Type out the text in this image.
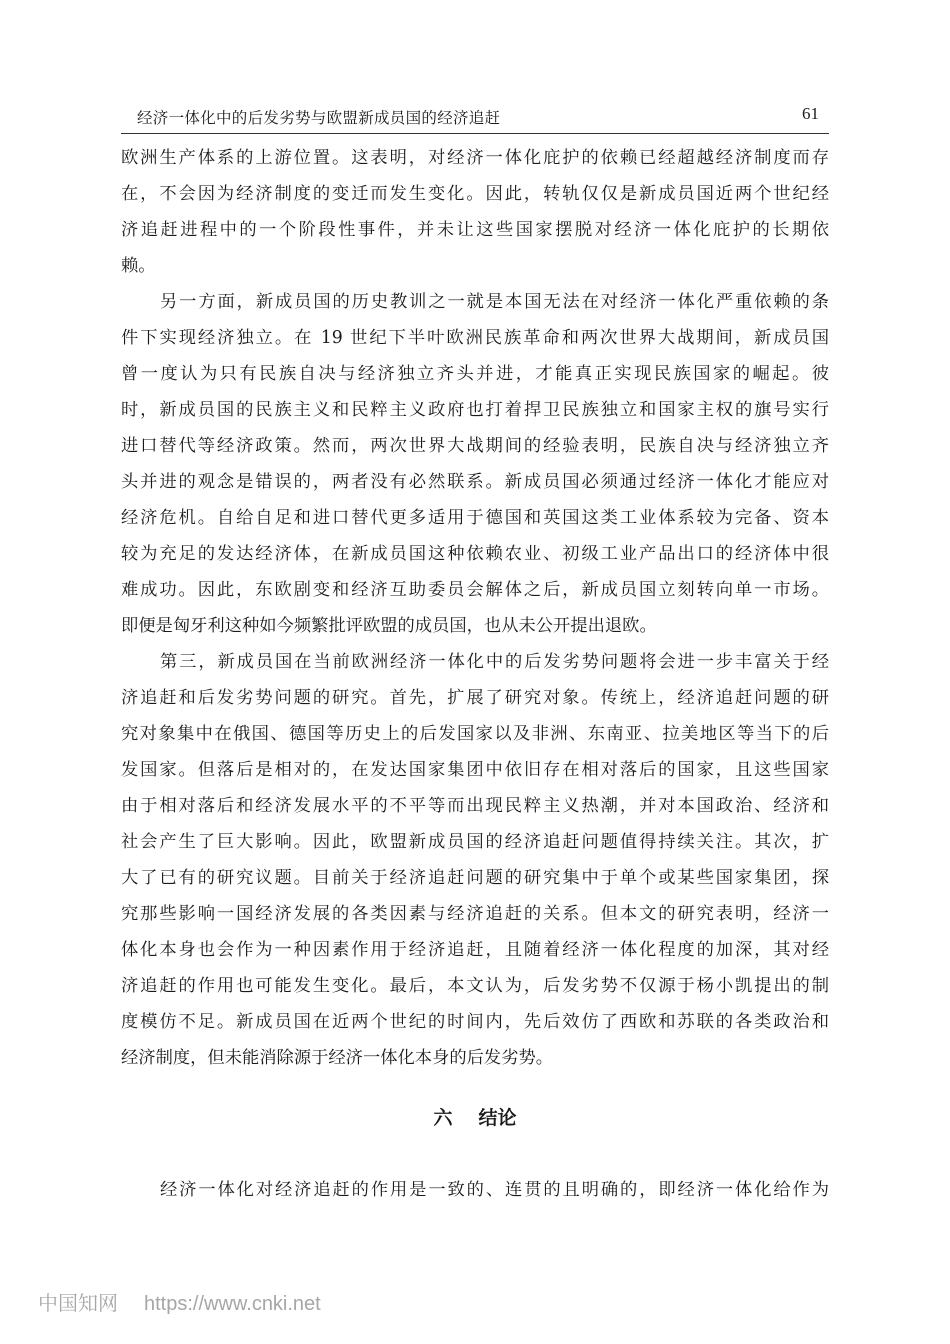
经济一体化中的后发劣势与欧盟新成员国的经济追赶	61
欧洲生产体系的上游位置。这表明，对经济一体化庇护的依赖已经超越经济制度而存
在，不会因为经济制度的变迁而发生变化。因此，转轨仅仅是新成员国近两个世纪经
济追赶进程中的一个阶段性事件，并未让这些国家摆脱对经济一体化庇护的长期依
赖。
另一方面，新成员国的历史教训之一就是本国无法在对经济一体化严重依赖的条
件下实现经济独立。在 19 世纪下半叶欧洲民族革命和两次世界大战期间，新成员国
曾一度认为只有民族自决与经济独立齐头并进，才能真正实现民族国家的崛起。彼
时，新成员国的民族主义和民粹主义政府也打着捍卫民族独立和国家主权的旗号实行
进口替代等经济政策。然而，两次世界大战期间的经验表明，民族自决与经济独立齐
头并进的观念是错误的，两者没有必然联系。新成员国必须通过经济一体化才能应对
经济危机。自给自足和进口替代更多适用于德国和英国这类工业体系较为完备、资本
较为充足的发达经济体，在新成员国这种依赖农业、初级工业产品出口的经济体中很
难成功。因此，东欧剧变和经济互助委员会解体之后，新成员国立刻转向单一市场。
即便是匈牙利这种如今频繁批评欧盟的成员国，也从未公开提出退欧。
第三，新成员国在当前欧洲经济一体化中的后发劣势问题将会进一步丰富关于经
济追赶和后发劣势问题的研究。首先，扩展了研究对象。传统上，经济追赶问题的研
究对象集中在俄国、德国等历史上的后发国家以及非洲、东南亚、拉美地区等当下的后
发国家。但落后是相对的，在发达国家集团中依旧存在相对落后的国家，且这些国家
由于相对落后和经济发展水平的不平等而出现民粹主义热潮，并对本国政治、经济和
社会产生了巨大影响。因此，欧盟新成员国的经济追赶问题值得持续关注。其次，扩
大了已有的研究议题。目前关于经济追赶问题的研究集中于单个或某些国家集团，探
究那些影响一国经济发展的各类因素与经济追赶的关系。但本文的研究表明，经济一
体化本身也会作为一种因素作用于经济追赶，且随着经济一体化程度的加深，其对经
济追赶的作用也可能发生变化。最后，本文认为，后发劣势不仅源于杨小凯提出的制
度模仿不足。新成员国在近两个世纪的时间内，先后效仿了西欧和苏联的各类政治和
经济制度，但未能消除源于经济一体化本身的后发劣势。
六 结论
经济一体化对经济追赶的作用是一致的、连贯的且明确的，即经济一体化给作为
中国知网 https://www.cnki.net
